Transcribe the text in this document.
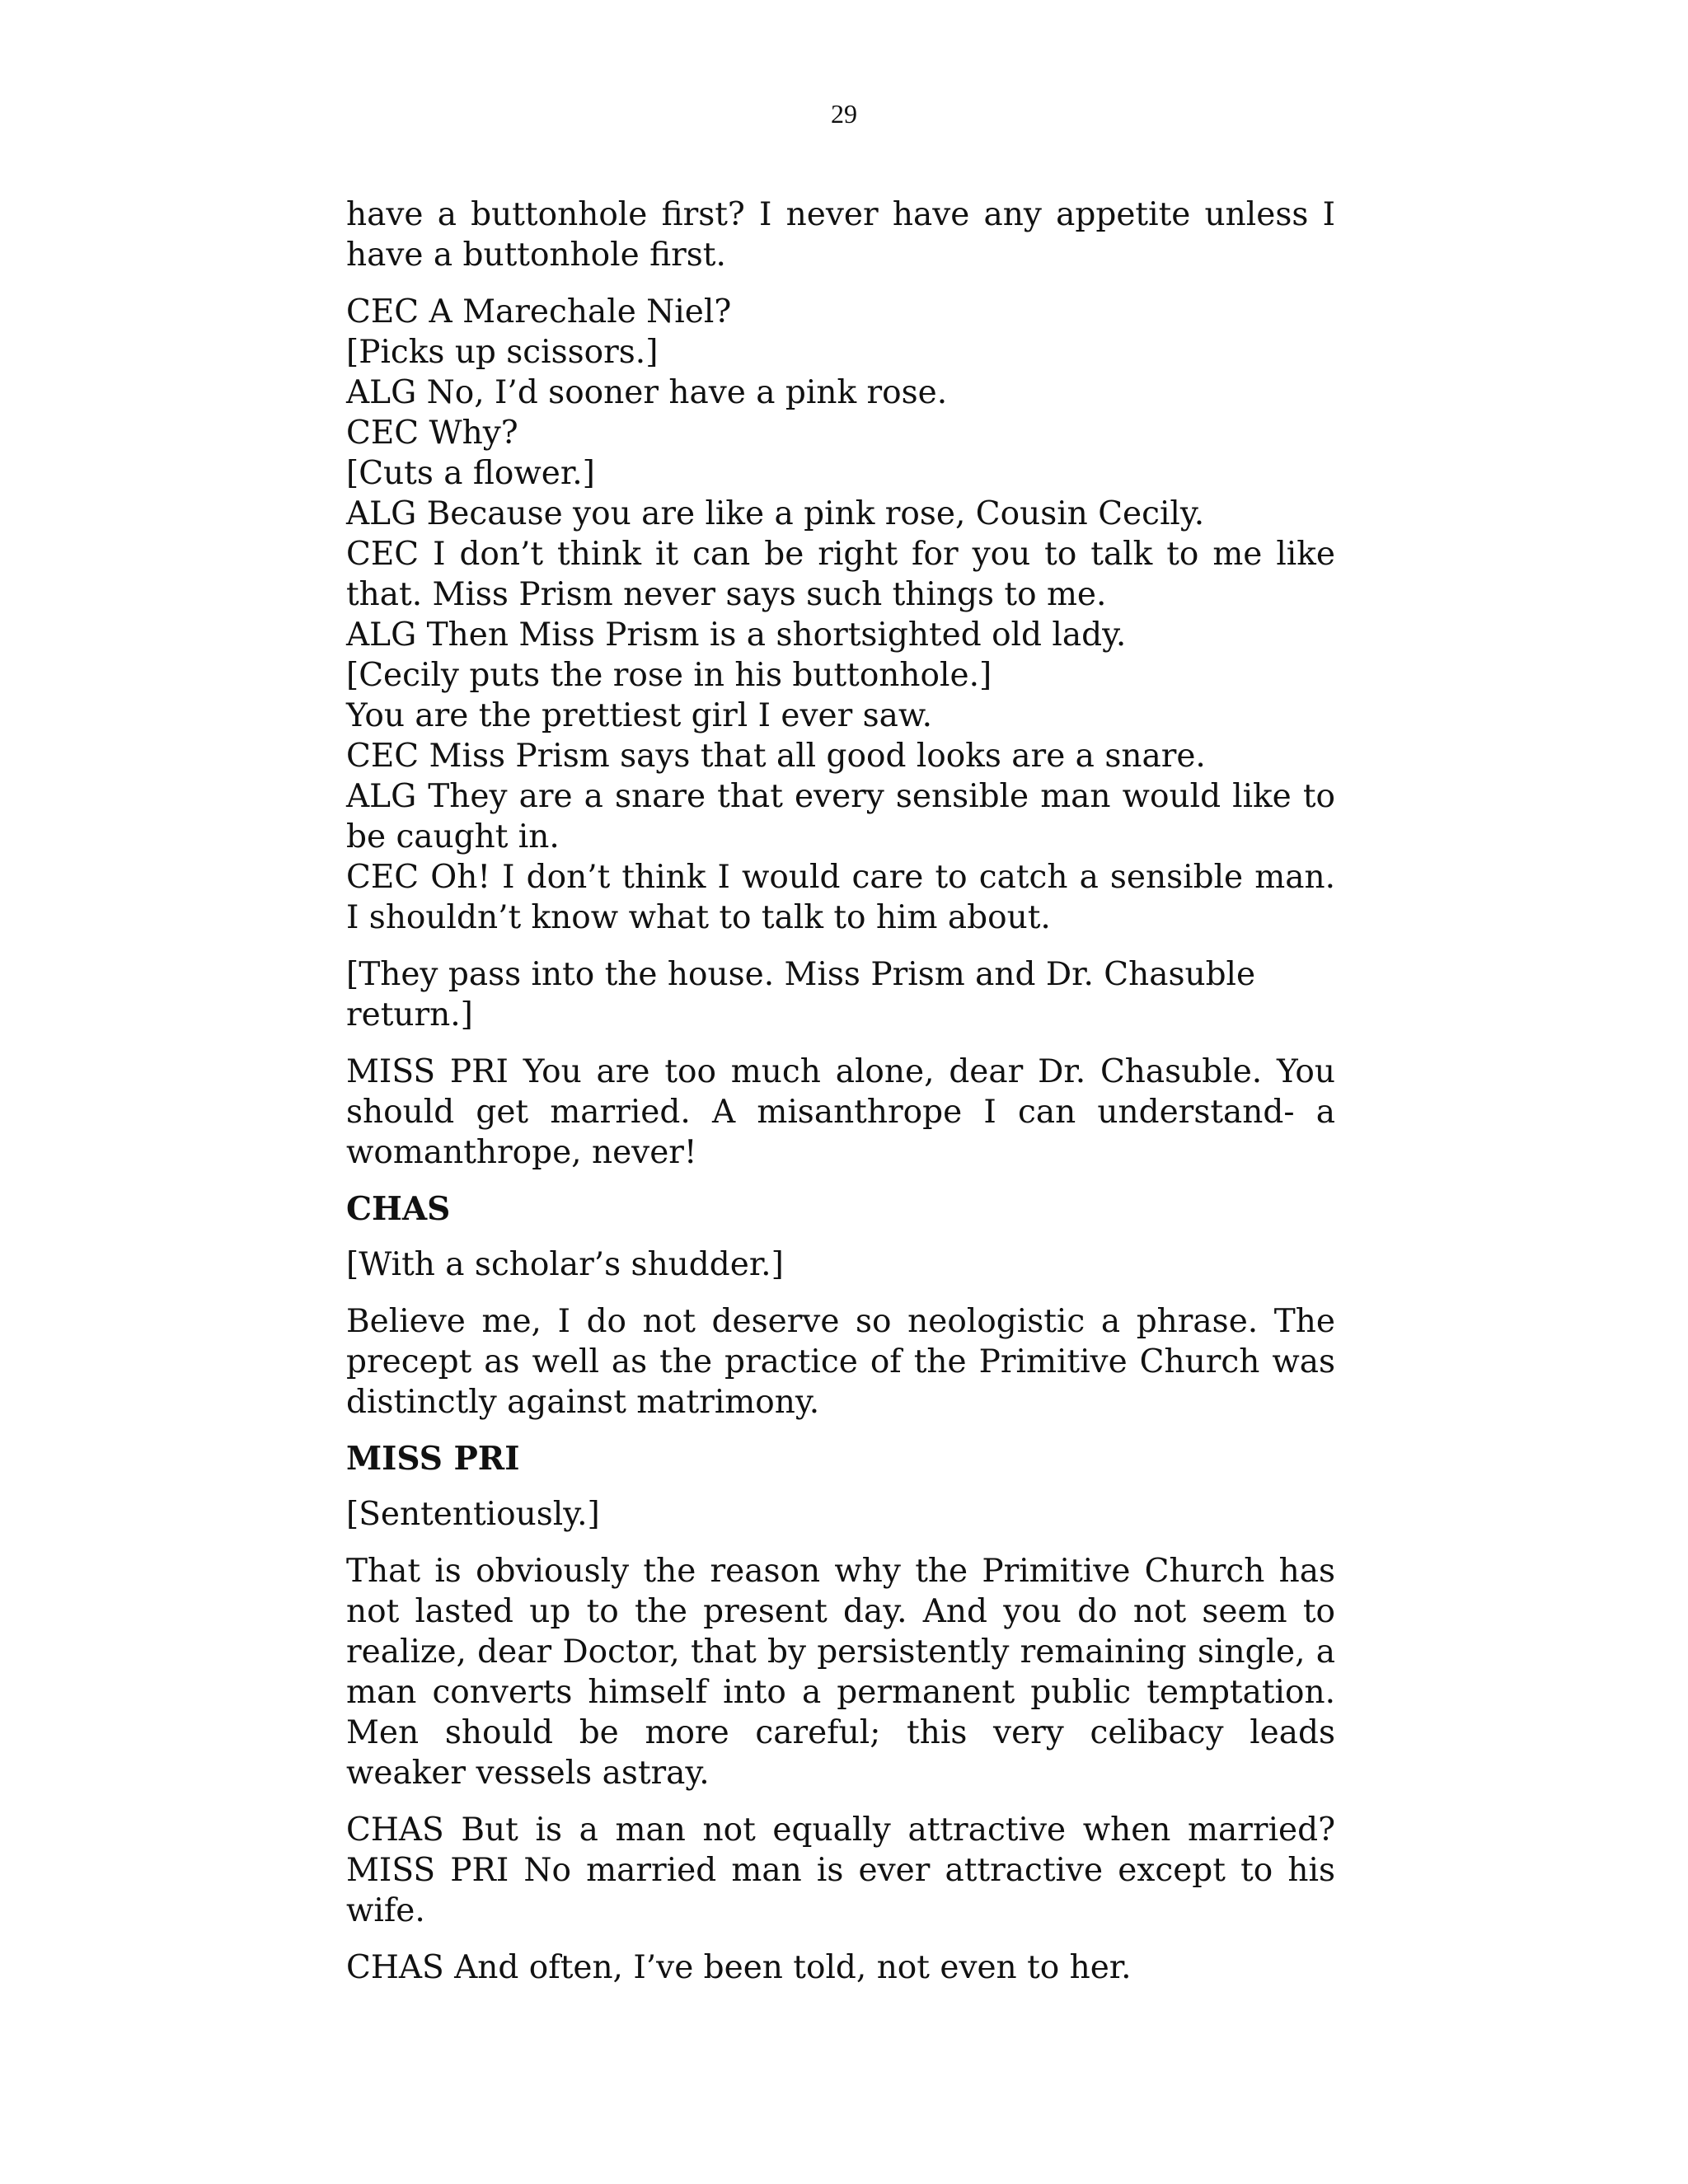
29

have a buttonhole first? I never have any appetite unless I have a buttonhole first.

CEC A Marechale Niel?
[Picks up scissors.]
ALG No, I’d sooner have a pink rose.
CEC Why?
[Cuts a flower.]
ALG Because you are like a pink rose, Cousin Cecily.
CEC I don’t think it can be right for you to talk to me like that. Miss Prism never says such things to me.
ALG Then Miss Prism is a shortsighted old lady.
[Cecily puts the rose in his buttonhole.]
You are the prettiest girl I ever saw.
CEC Miss Prism says that all good looks are a snare.
ALG They are a snare that every sensible man would like to be caught in.
CEC Oh! I don’t think I would care to catch a sensible man. I shouldn’t know what to talk to him about.

[They pass into the house. Miss Prism and Dr. Chasuble return.]

MISS PRI You are too much alone, dear Dr. Chasuble. You should get married. A misanthrope I can understand- a womanthrope, never!

CHAS

[With a scholar’s shudder.]

Believe me, I do not deserve so neologistic a phrase. The precept as well as the practice of the Primitive Church was distinctly against matrimony.

MISS PRI

[Sententiously.]

That is obviously the reason why the Primitive Church has not lasted up to the present day. And you do not seem to realize, dear Doctor, that by persistently remaining single, a man converts himself into a permanent public temptation. Men should be more careful; this very celibacy leads weaker vessels astray.

CHAS But is a man not equally attractive when married? MISS PRI No married man is ever attractive except to his wife.

CHAS And often, I’ve been told, not even to her.
